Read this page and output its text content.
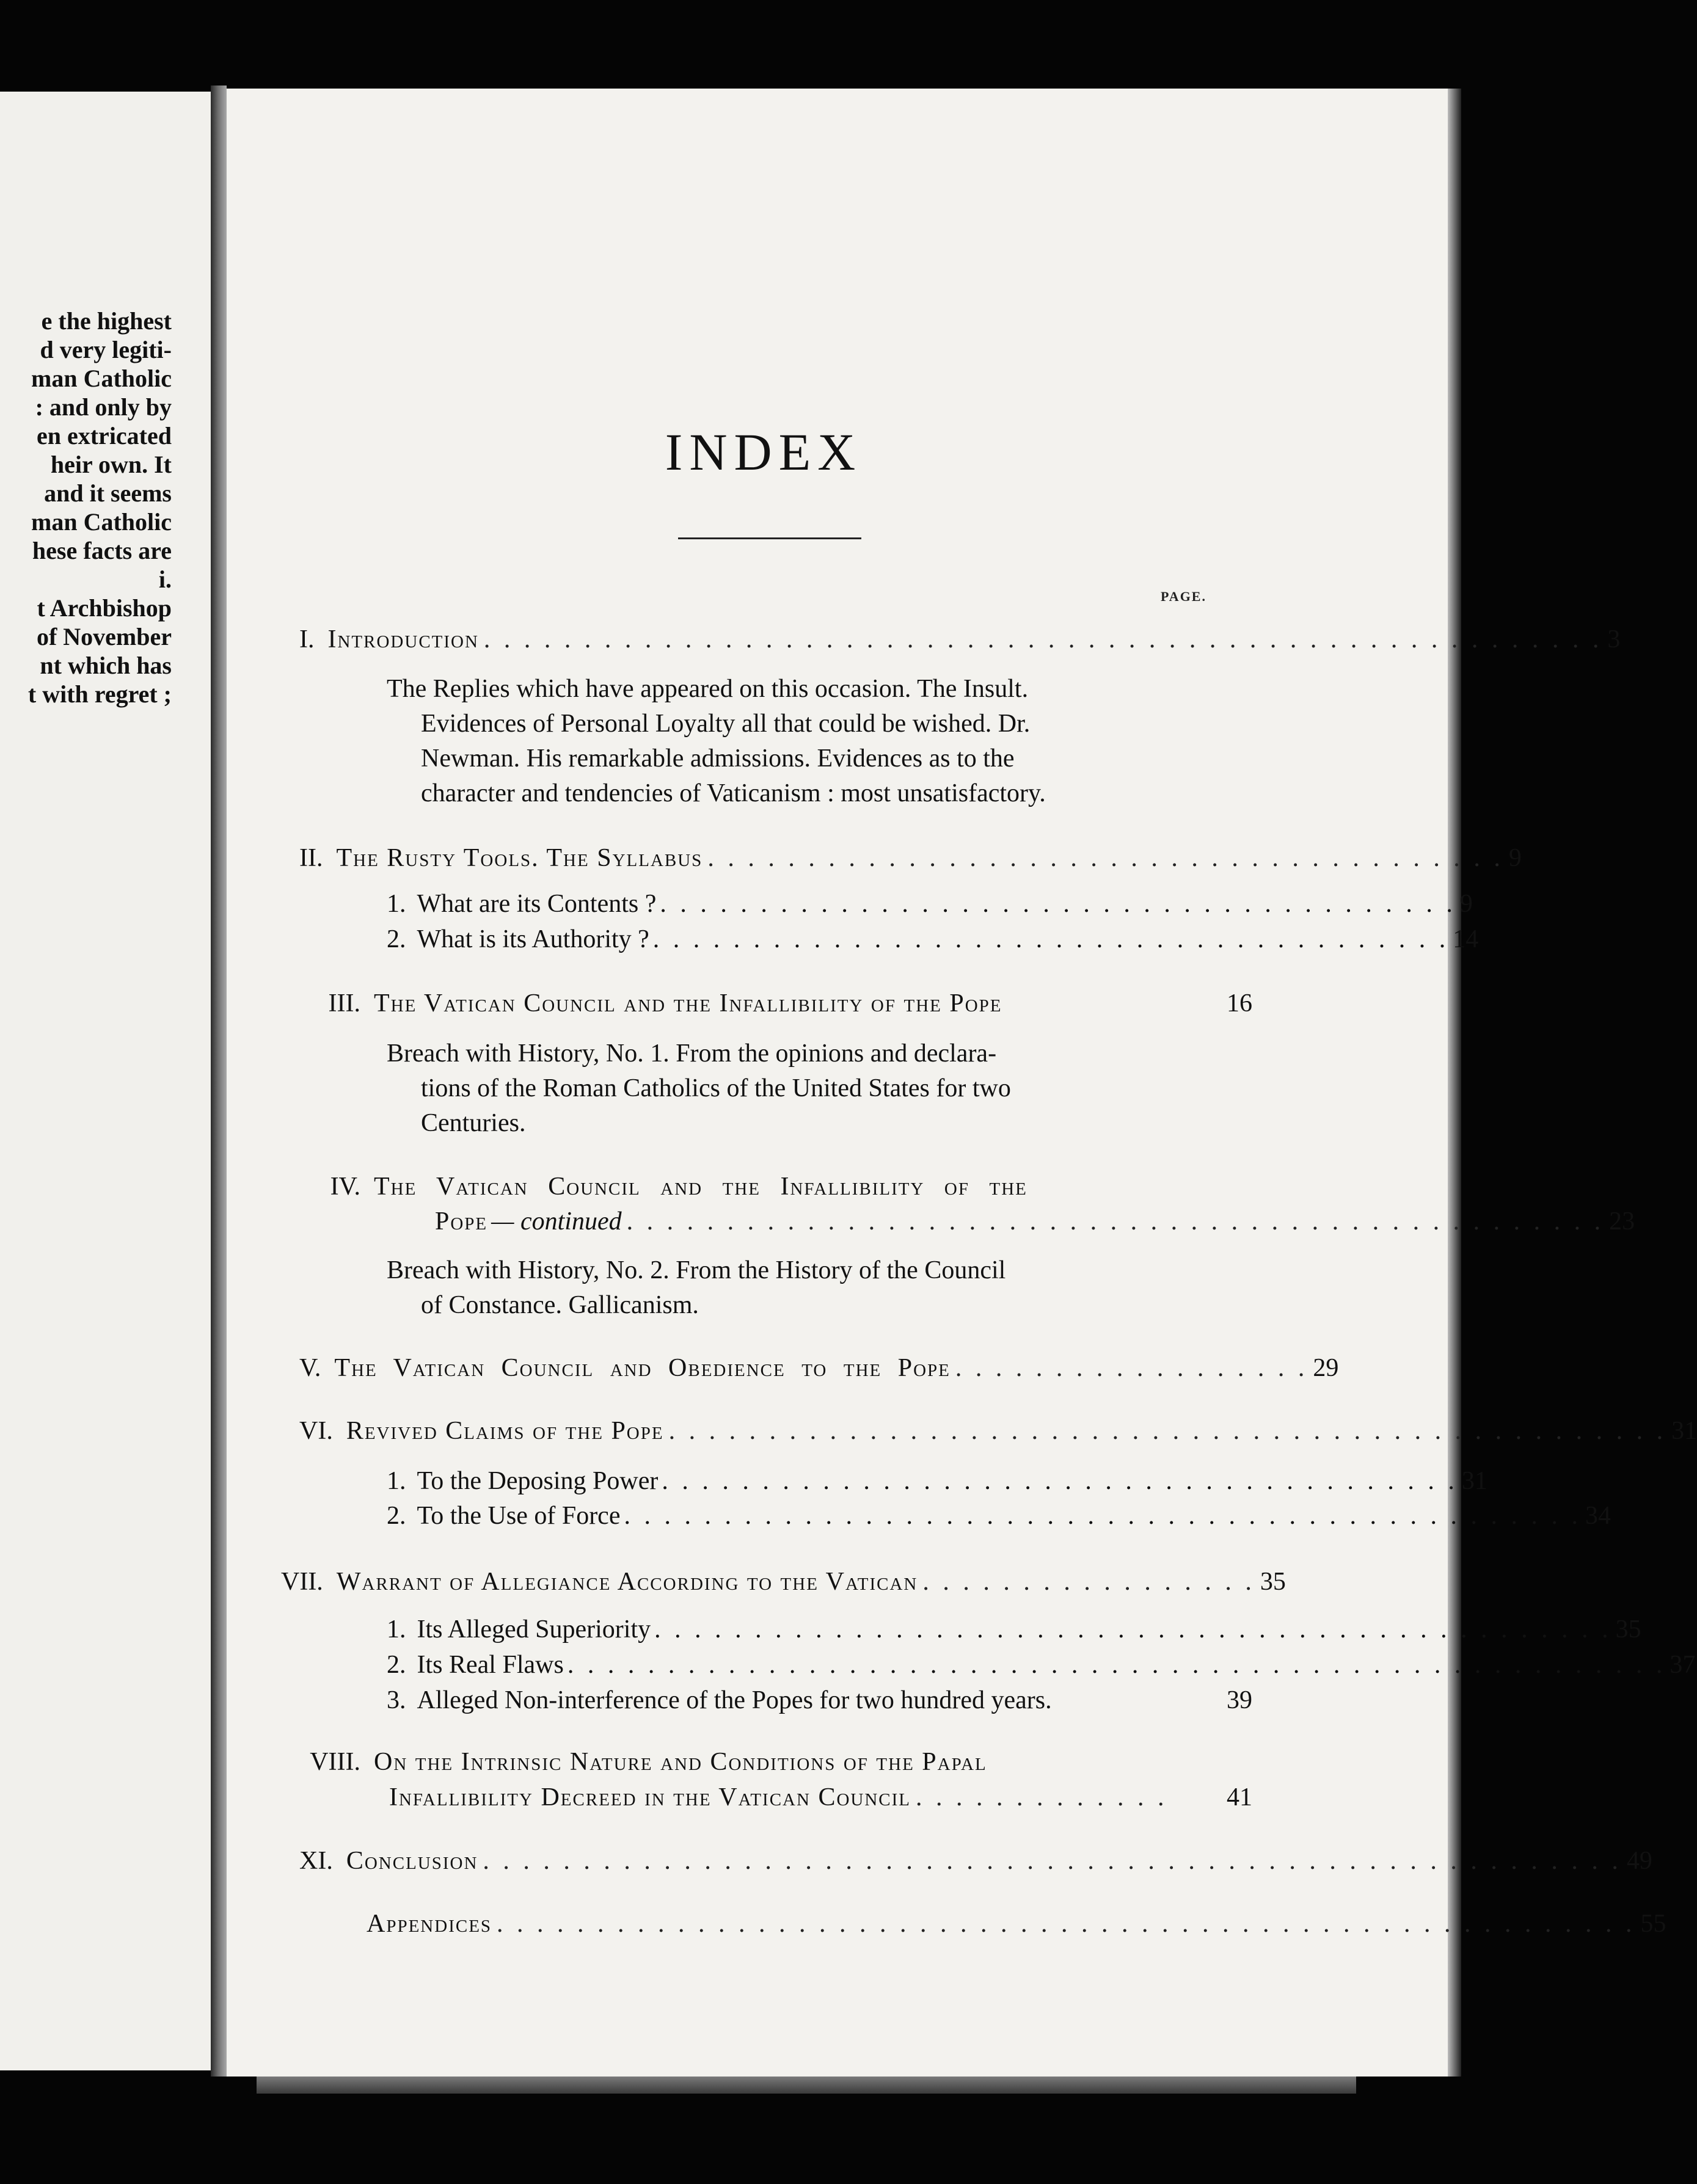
e the highest
d very legiti-
man Catholic
: and only by
en extricated
heir own. It
and it seems
man Catholic
hese facts are
i.
t Archbishop
of November
nt which has
t with regret ;
INDEX
PAGE.
I. Introduction . . . . . . . . . . . . . . . . . . . . . . . . . . . . . . . . . . . . . . . . . . . . . . . . . . . . . . . . 3
The Replies which have appeared on this occasion. The Insult.
Evidences of Personal Loyalty all that could be wished. Dr.
Newman. His remarkable admissions. Evidences as to the
character and tendencies of Vaticanism : most unsatisfactory.
II. The Rusty Tools. The Syllabus . . . . . . . . . . . . . . . . . . . . . . . . . . . . . . . . . . . . . . . . 9
1. What are its Contents ? . . . . . . . . . . . . . . . . . . . . . . . . . . . . . . . . . . . . . . . . 9
2. What is its Authority ? . . . . . . . . . . . . . . . . . . . . . . . . . . . . . . . . . . . . . . . . 14
III. The Vatican Council and the Infallibility of the Pope	16
Breach with History, No. 1. From the opinions and declara-
tions of the Roman Catholics of the United States for two
Centuries.
IV. The Vatican Council and the Infallibility of the
Pope — continued . . . . . . . . . . . . . . . . . . . . . . . . . . . . . . . . . . . . . . . . . . . . . . . . . 23
Breach with History, No. 2. From the History of the Council
of Constance. Gallicanism.
V. The Vatican Council and Obedience to the Pope . . . . . . . . . . . . . . . . . . 29
VI. Revived Claims of the Pope . . . . . . . . . . . . . . . . . . . . . . . . . . . . . . . . . . . . . . . . . . . . . . . . . . 31
1. To the Deposing Power . . . . . . . . . . . . . . . . . . . . . . . . . . . . . . . . . . . . . . . . 31
2. To the Use of Force . . . . . . . . . . . . . . . . . . . . . . . . . . . . . . . . . . . . . . . . . . . . . . . . 34
VII. Warrant of Allegiance According to the Vatican . . . . . . . . . . . . . . . . . 35
1. Its Alleged Superiority . . . . . . . . . . . . . . . . . . . . . . . . . . . . . . . . . . . . . . . . . . . . . . . . 35
2. Its Real Flaws . . . . . . . . . . . . . . . . . . . . . . . . . . . . . . . . . . . . . . . . . . . . . . . . . . . . . . . 37
3. Alleged Non-interference of the Popes for two hundred years.	39
VIII. On the Intrinsic Nature and Conditions of the Papal
Infallibility Decreed in the Vatican Council . . . . . . . . . . . . .	41
XI. Conclusion . . . . . . . . . . . . . . . . . . . . . . . . . . . . . . . . . . . . . . . . . . . . . . . . . . . . . . . . . 49
Appendices . . . . . . . . . . . . . . . . . . . . . . . . . . . . . . . . . . . . . . . . . . . . . . . . . . . . . . . . . 55
